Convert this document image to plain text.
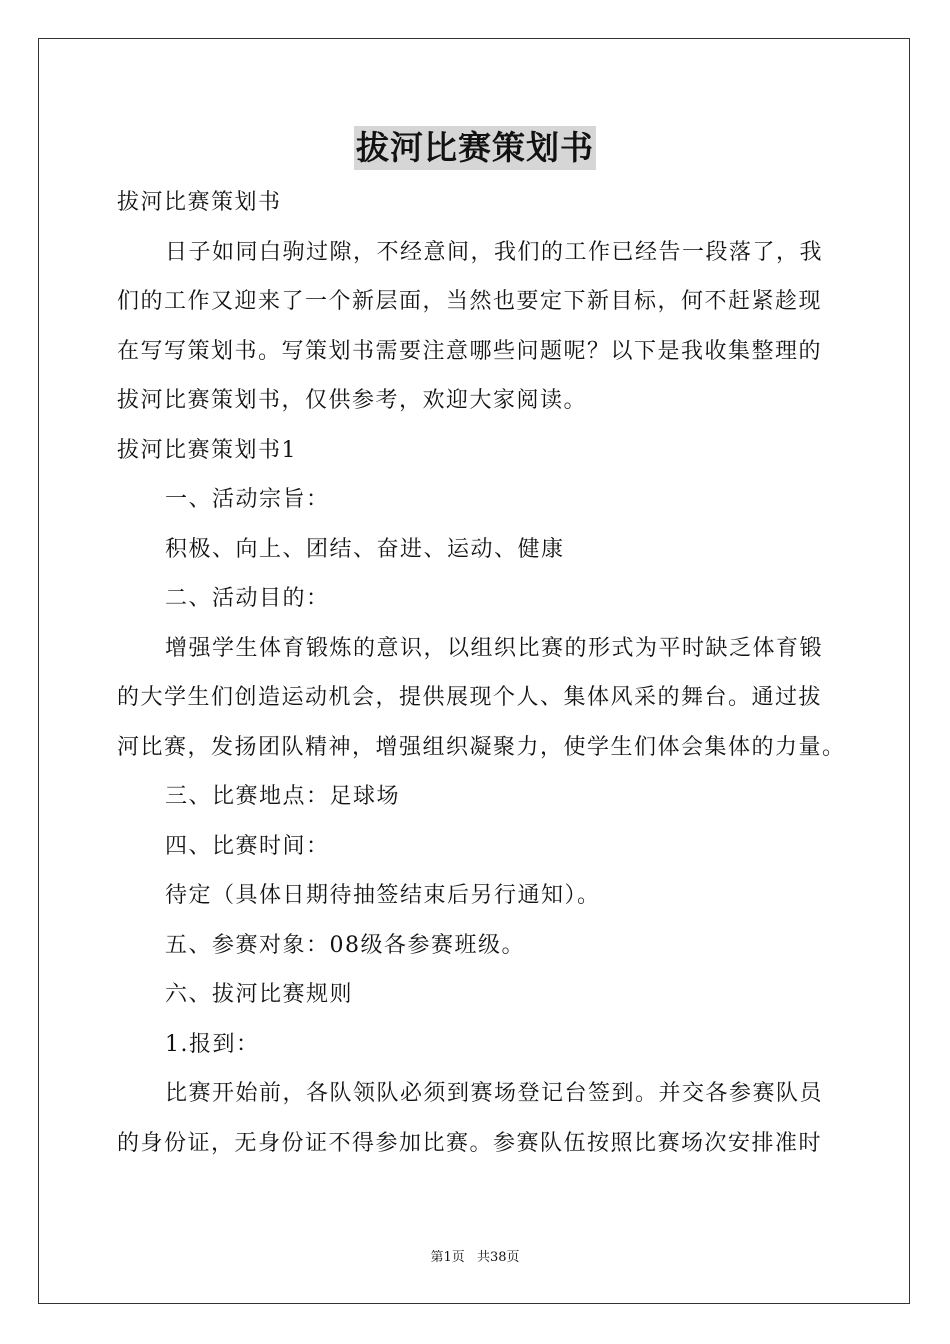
拔河比赛策划书
拔河比赛策划书
日子如同白驹过隙，不经意间，我们的工作已经告一段落了，我
们的工作又迎来了一个新层面，当然也要定下新目标，何不赶紧趁现
在写写策划书。写策划书需要注意哪些问题呢？以下是我收集整理的
拔河比赛策划书，仅供参考，欢迎大家阅读。
拔河比赛策划书1
一、活动宗旨：
积极、向上、团结、奋进、运动、健康
二、活动目的：
增强学生体育锻炼的意识，以组织比赛的形式为平时缺乏体育锻
的大学生们创造运动机会，提供展现个人、集体风采的舞台。通过拔
河比赛，发扬团队精神，增强组织凝聚力，使学生们体会集体的力量。
三、比赛地点：足球场
四、比赛时间：
待定（具体日期待抽签结束后另行通知）。
五、参赛对象：08级各参赛班级。
六、拔河比赛规则
1.报到：
比赛开始前，各队领队必须到赛场登记台签到。并交各参赛队员
的身份证，无身份证不得参加比赛。参赛队伍按照比赛场次安排准时
第1页 共38页
